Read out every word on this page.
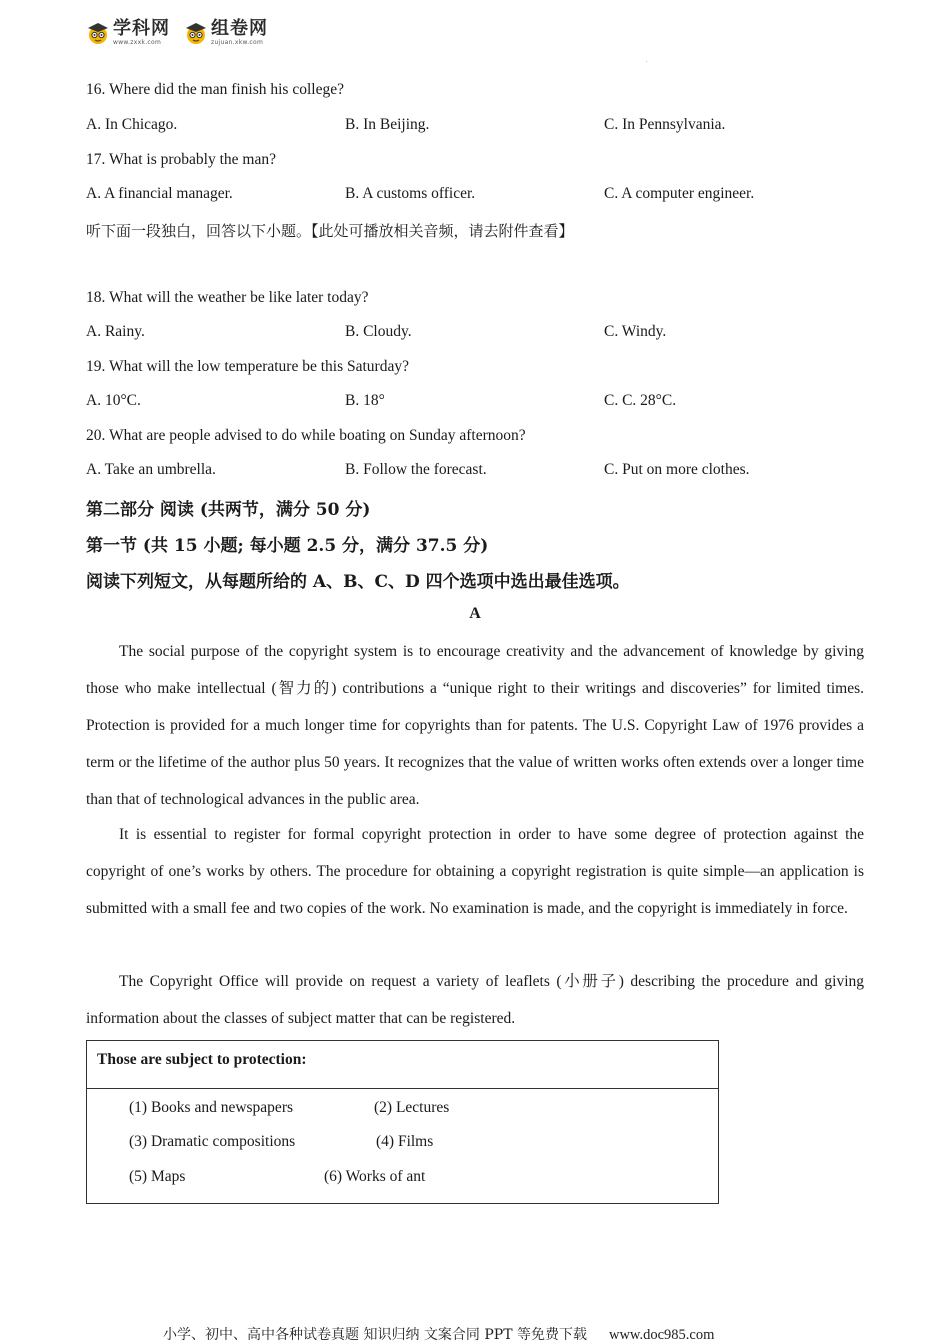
学科网
www.zxxk.com
组卷网
zujuan.xkw.com
.
16. Where did the man finish his college?
A. In Chicago.	B. In Beijing.	C. In Pennsylvania.
17. What is probably the man?
A. A financial manager.	B. A customs officer.	C. A computer engineer.
听下面一段独白，回答以下小题。【此处可播放相关音频，请去附件查看】
18. What will the weather be like later today?
A. Rainy.	B. Cloudy.	C. Windy.
19. What will the low temperature be this Saturday?
A. 10°C.	B. 18°	C. C. 28°C.
20. What are people advised to do while boating on Sunday afternoon?
A. Take an umbrella.	B. Follow the forecast.	C. Put on more clothes.
第二部分 阅读 (共两节，满分 50 分)
第一节 (共 15 小题; 每小题 2.5 分，满分 37.5 分)
阅读下列短文，从每题所给的 A、B、C、D 四个选项中选出最佳选项。
A
The social purpose of the copyright system is to encourage creativity and the advancement of knowledge by giving those who make intellectual (智力的) contributions a “unique right to their writings and discoveries” for limited times. Protection is provided for a much longer time for copyrights than for patents. The U.S. Copyright Law of 1976 provides a term or the lifetime of the author plus 50 years. It recognizes that the value of written works often extends over a longer time than that of technological advances in the public area.
It is essential to register for formal copyright protection in order to have some degree of protection against the copyright of one’s works by others. The procedure for obtaining a copyright registration is quite simple—an application is submitted with a small fee and two copies of the work. No examination is made, and the copyright is immediately in force.
The Copyright Office will provide on request a variety of leaflets (小册子) describing the procedure and giving information about the classes of subject matter that can be registered.
Those are subject to protection:
(1) Books and newspapers	(2) Lectures
(3) Dramatic compositions	(4) Films
(5) Maps	(6) Works of ant
小学、初中、高中各种试卷真题 知识归纳 文案合同 PPT 等免费下载 www.doc985.com
